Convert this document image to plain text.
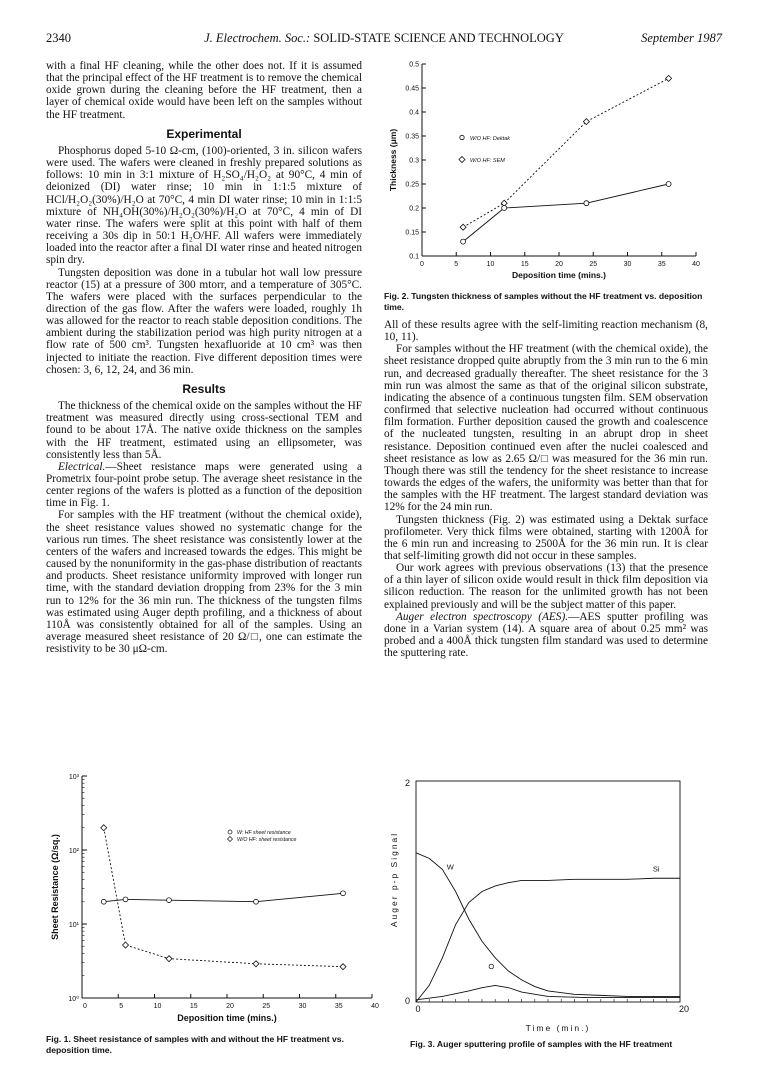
2340	J. Electrochem. Soc.: SOLID-STATE SCIENCE AND TECHNOLOGY	September 1987

with a final HF cleaning, while the other does not. If it is assumed that the principal effect of the HF treatment is to remove the chemical oxide grown during the cleaning before the HF treatment, then a layer of chemical oxide would have been left on the samples without the HF treatment.

Experimental

Phosphorus doped 5-10 Ω-cm, (100)-oriented, 3 in. silicon wafers were used. The wafers were cleaned in freshly prepared solutions as follows: 10 min in 3:1 mixture of H₂SO₄/H₂O₂ at 90°C, 4 min of deionized (DI) water rinse; 10 min in 1:1:5 mixture of HCl/H₂O₂(30%)/H₂O at 70°C, 4 min DI water rinse; 10 min in 1:1:5 mixture of NH₄OH(30%)/H₂O₂(30%)/H₂O at 70°C, 4 min of DI water rinse. The wafers were split at this point with half of them receiving a 30s dip in 50:1 H₂O/HF. All wafers were immediately loaded into the reactor after a final DI water rinse and heated nitrogen spin dry.

Tungsten deposition was done in a tubular hot wall low pressure reactor (15) at a pressure of 300 mtorr, and a temperature of 305°C. The wafers were placed with the surfaces perpendicular to the direction of the gas flow. After the wafers were loaded, roughly 1h was allowed for the reactor to reach stable deposition conditions. The ambient during the stabilization period was high purity nitrogen at a flow rate of 500 cm³. Tungsten hexafluoride at 10 cm³ was then injected to initiate the reaction. Five different deposition times were chosen: 3, 6, 12, 24, and 36 min.

Results

The thickness of the chemical oxide on the samples without the HF treatment was measured directly using cross-sectional TEM and found to be about 17Å. The native oxide thickness on the samples with the HF treatment, estimated using an ellipsometer, was consistently less than 5Å.

Electrical.—Sheet resistance maps were generated using a Prometrix four-point probe setup. The average sheet resistance in the center regions of the wafers is plotted as a function of the deposition time in Fig. 1.

For samples with the HF treatment (without the chemical oxide), the sheet resistance values showed no systematic change for the various run times. The sheet resistance was consistently lower at the centers of the wafers and increased towards the edges. This might be caused by the nonuniformity in the gas-phase distribution of reactants and products. Sheet resistance uniformity improved with longer run time, with the standard deviation dropping from 23% for the 3 min run to 12% for the 36 min run. The thickness of the tungsten films was estimated using Auger depth profiling, and a thickness of about 110Å was consistently obtained for all of the samples. Using an average measured sheet resistance of 20 Ω/□, one can estimate the resistivity to be 30 μΩ-cm.

All of these results agree with the self-limiting reaction mechanism (8, 10, 11).

For samples without the HF treatment (with the chemical oxide), the sheet resistance dropped quite abruptly from the 3 min run to the 6 min run, and decreased gradually thereafter. The sheet resistance for the 3 min run was almost the same as that of the original silicon substrate, indicating the absence of a continuous tungsten film. SEM observation confirmed that selective nucleation had occurred without continuous film formation. Further deposition caused the growth and coalescence of the nucleated tungsten, resulting in an abrupt drop in sheet resistance. Deposition continued even after the nuclei coalesced and sheet resistance as low as 2.65 Ω/□ was measured for the 36 min run. Though there was still the tendency for the sheet resistance to increase towards the edges of the wafers, the uniformity was better than that for the samples with the HF treatment. The largest standard deviation was 12% for the 24 min run.

Tungsten thickness (Fig. 2) was estimated using a Dektak surface profilometer. Very thick films were obtained, starting with 1200Å for the 6 min run and increasing to 2500Å for the 36 min run. It is clear that self-limiting growth did not occur in these samples.

Our work agrees with previous observations (13) that the presence of a thin layer of silicon oxide would result in thick film deposition via silicon reduction. The reason for the unlimited growth has not been explained previously and will be the subject matter of this paper.

Auger electron spectroscopy (AES).—AES sputter profiling was done in a Varian system (14). A square area of about 0.25 mm² was probed and a 400Å thick tungsten film standard was used to determine the sputtering rate.

0	5	10	15	20	25	30	35	40
0.1
0.15
0.2
0.25
0.3
0.35
0.4
0.45
0.5
Deposition time (mins.)
Thickness (μm)	W/O HF: Dektak
W/O HF: SEM
Fig. 2. Tungsten thickness of samples without the HF treatment vs. deposition time.
0	5	10	15	20	25	30	35	40
10⁰
10¹
10²
10³
Deposition time (mins.)
Sheet Resistance (Ω/sq.)
W: HF sheet resistance
W/O HF: sheet resistance
Fig. 1. Sheet resistance of samples with and without the HF treatment vs. deposition time.
W	Si
O
2
0
0	20
Time (min.)
Auger p-p Signal
Fig. 3. Auger sputtering profile of samples with the HF treatment
